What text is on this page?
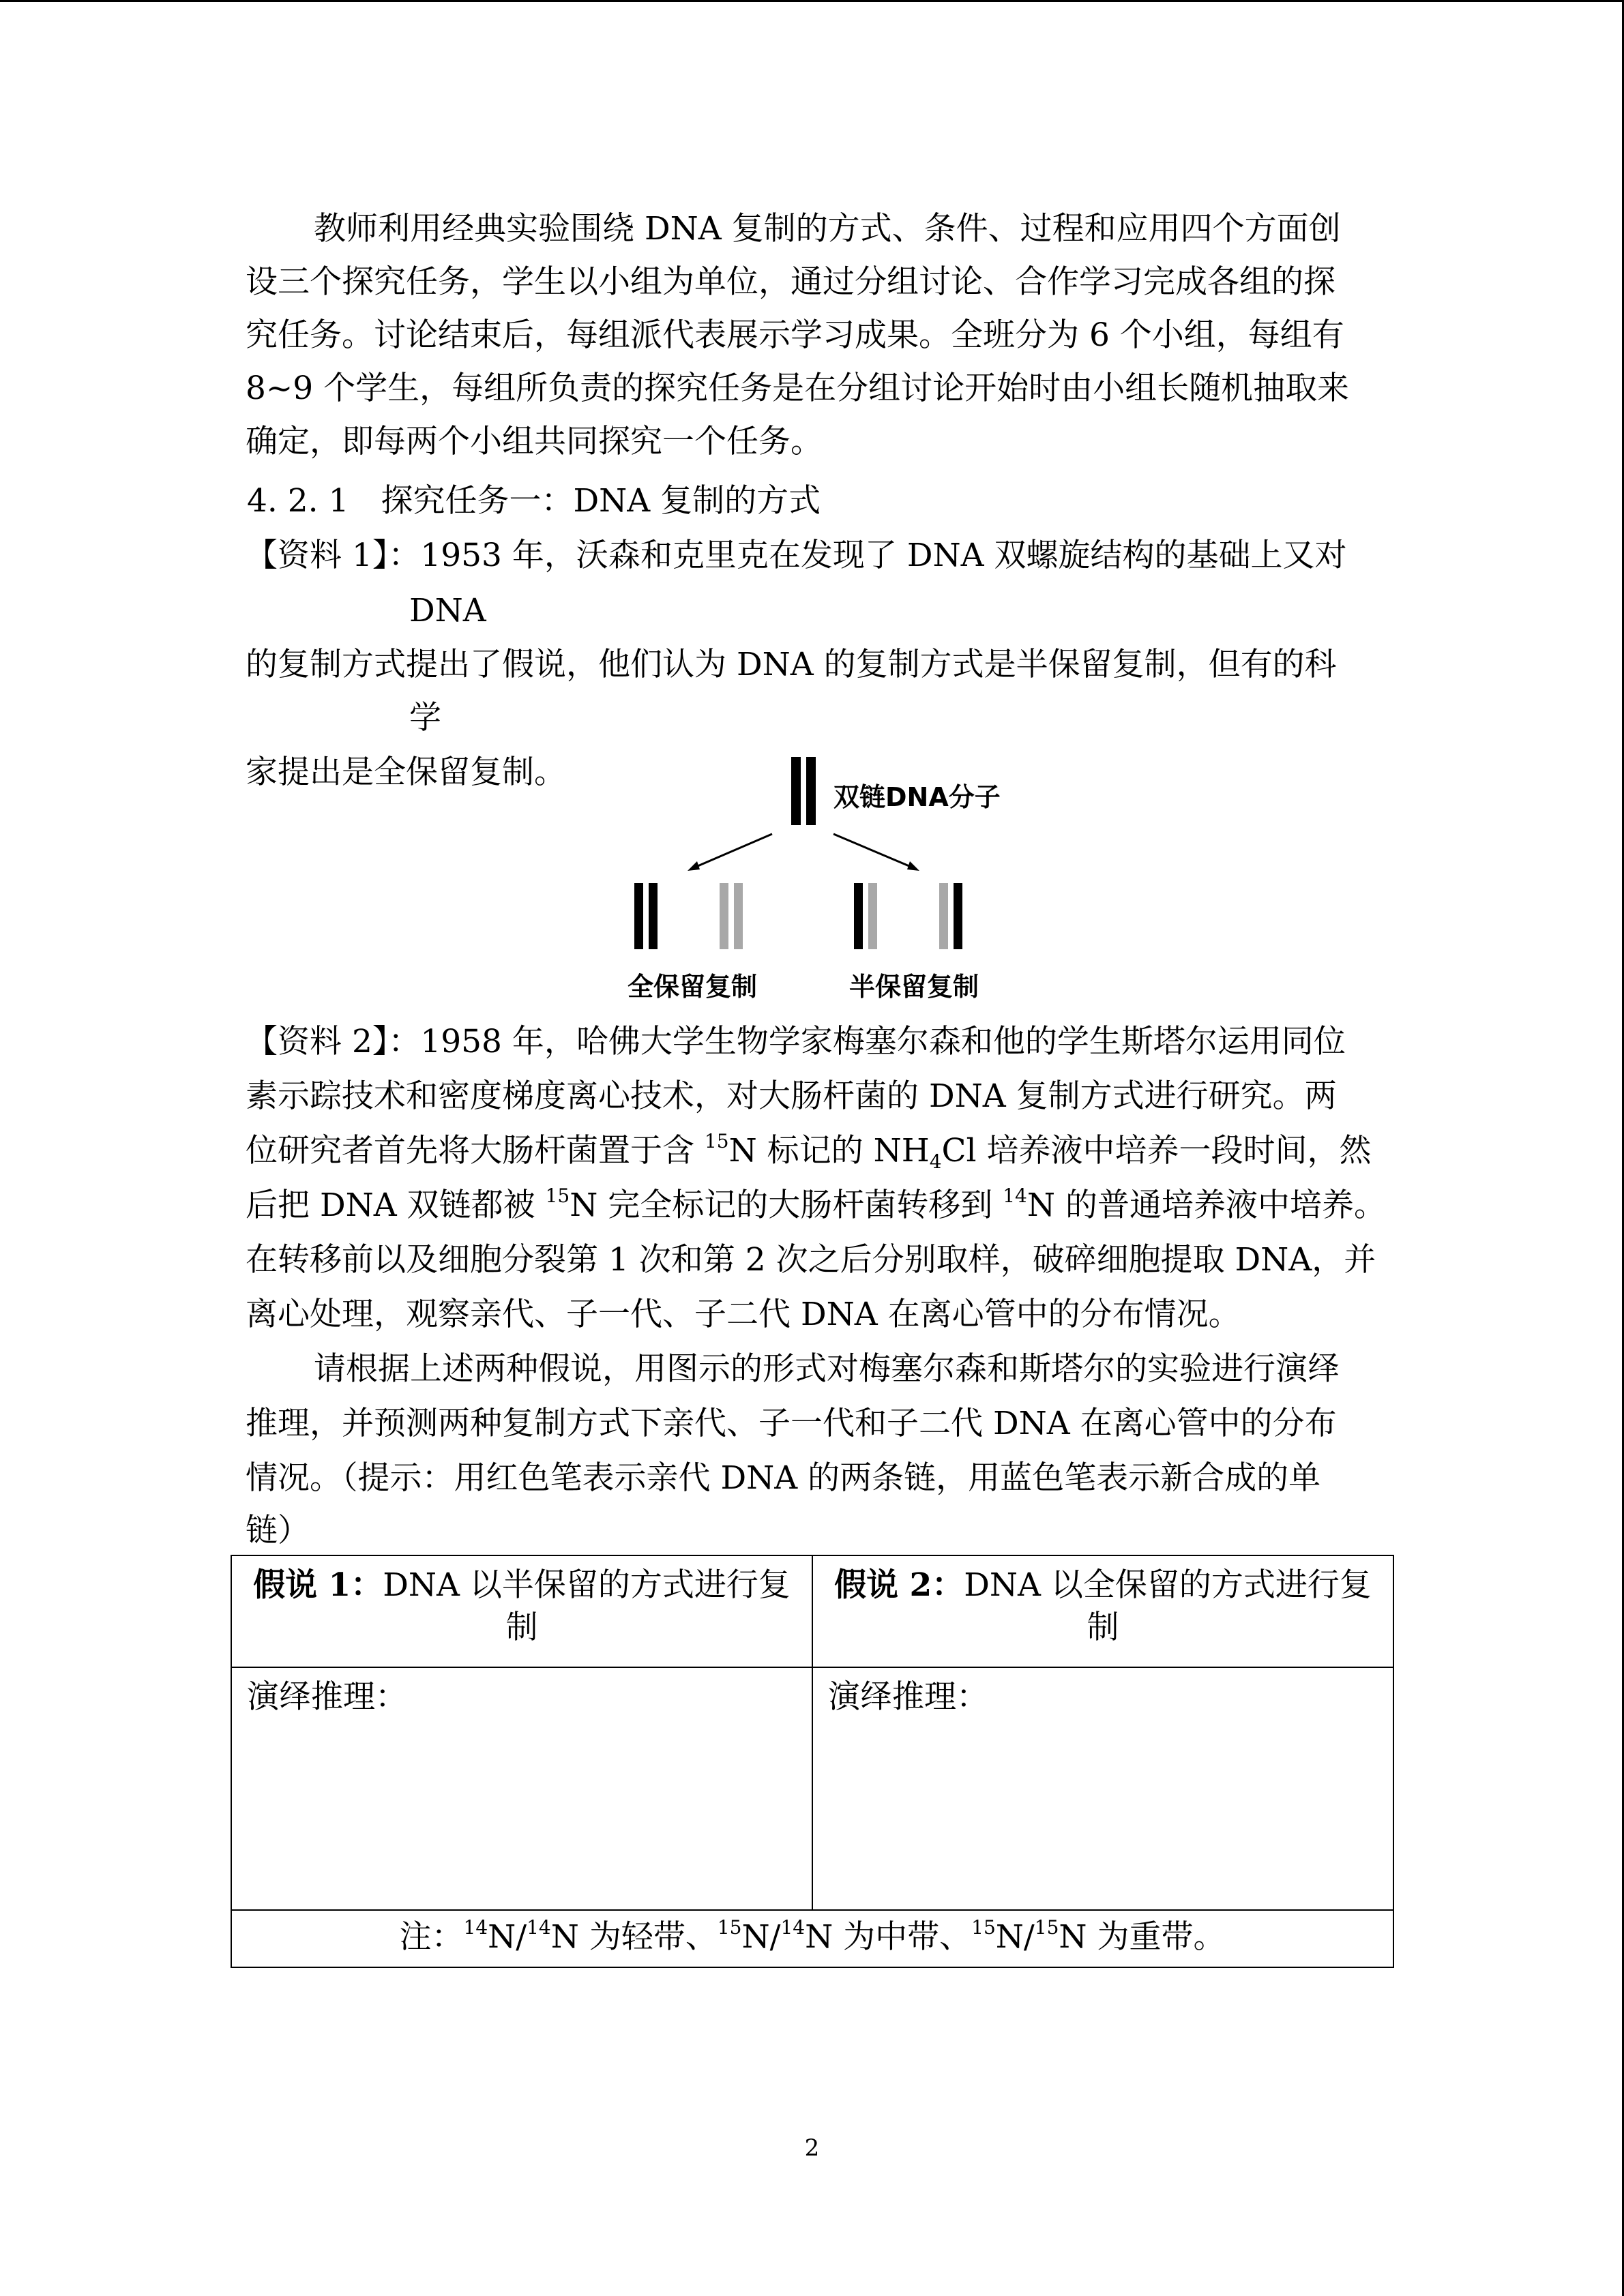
教师利用经典实验围绕 DNA 复制的方式、条件、过程和应用四个方面创
设三个探究任务，学生以小组为单位，通过分组讨论、合作学习完成各组的探
究任务。讨论结束后，每组派代表展示学习成果。全班分为 6 个小组，每组有
8~9 个学生，每组所负责的探究任务是在分组讨论开始时由小组长随机抽取来
确定，即每两个小组共同探究一个任务。
4. 2. 1　探究任务一：DNA 复制的方式
【资料 1】：1953 年，沃森和克里克在发现了 DNA 双螺旋结构的基础上又对
DNA
的复制方式提出了假说，他们认为 DNA 的复制方式是半保留复制，但有的科
学
家提出是全保留复制。
双链DNA分子
全保留复制	半保留复制
【资料 2】：1958 年，哈佛大学生物学家梅塞尔森和他的学生斯塔尔运用同位
素示踪技术和密度梯度离心技术，对大肠杆菌的 DNA 复制方式进行研究。两
位研究者首先将大肠杆菌置于含 $^{15}$N 标记的 $NH_4Cl$ 培养液中培养一段时间，然
后把 DNA 双链都被 $^{15}$N 完全标记的大肠杆菌转移到 $^{14}$N 的普通培养液中培养。
在转移前以及细胞分裂第 1 次和第 2 次之后分别取样，破碎细胞提取 DNA，并
离心处理，观察亲代、子一代、子二代 DNA 在离心管中的分布情况。
请根据上述两种假说，用图示的形式对梅塞尔森和斯塔尔的实验进行演绎
推理，并预测两种复制方式下亲代、子一代和子二代 DNA 在离心管中的分布
情况。（提示：用红色笔表示亲代 DNA 的两条链，用蓝色笔表示新合成的单
链）
假说 1：DNA 以半保留的方式进行复制	假说 2：DNA 以全保留的方式进行复制
演绎推理：	演绎推理：
注：$^{14}$N/$^{14}$N 为轻带、$^{15}$N/$^{14}$N 为中带、$^{15}$N/$^{15}$N 为重带。	
2
